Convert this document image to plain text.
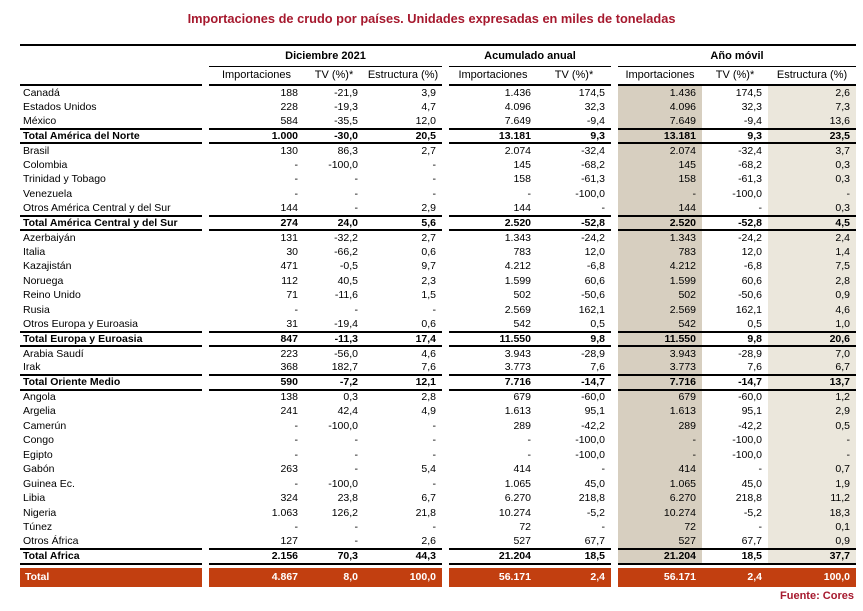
Importaciones de crudo por países. Unidades expresadas en miles de toneladas
		Diciembre 2021				Acumulado anual			Año móvil		
		Importaciones	TV (%)*	Estructura (%)		Importaciones	TV (%)*		Importaciones	TV (%)*	Estructura (%)
Canadá		188	-21,9	3,9		1.436	174,5		1.436	174,5	2,6
Estados Unidos		228	-19,3	4,7		4.096	32,3		4.096	32,3	7,3
México		584	-35,5	12,0		7.649	-9,4		7.649	-9,4	13,6
Total América del Norte		1.000	-30,0	20,5		13.181	9,3		13.181	9,3	23,5
Brasil		130	86,3	2,7		2.074	-32,4		2.074	-32,4	3,7
Colombia		-	-100,0	-		145	-68,2		145	-68,2	0,3
Trinidad y Tobago		-	-	-		158	-61,3		158	-61,3	0,3
Venezuela		-	-	-		-	-100,0		-	-100,0	-
Otros América Central y del Sur		144	-	2,9		144	-		144	-	0,3
Total América Central y del Sur		274	24,0	5,6		2.520	-52,8		2.520	-52,8	4,5
Azerbaiyán		131	-32,2	2,7		1.343	-24,2		1.343	-24,2	2,4
Italia		30	-66,2	0,6		783	12,0		783	12,0	1,4
Kazajistán		471	-0,5	9,7		4.212	-6,8		4.212	-6,8	7,5
Noruega		112	40,5	2,3		1.599	60,6		1.599	60,6	2,8
Reino Unido		71	-11,6	1,5		502	-50,6		502	-50,6	0,9
Rusia		-	-	-		2.569	162,1		2.569	162,1	4,6
Otros Europa y Euroasia		31	-19,4	0,6		542	0,5		542	0,5	1,0
Total Europa y Euroasia		847	-11,3	17,4		11.550	9,8		11.550	9,8	20,6
Arabia Saudí		223	-56,0	4,6		3.943	-28,9		3.943	-28,9	7,0
Irak		368	182,7	7,6		3.773	7,6		3.773	7,6	6,7
Total Oriente Medio		590	-7,2	12,1		7.716	-14,7		7.716	-14,7	13,7
Angola		138	0,3	2,8		679	-60,0		679	-60,0	1,2
Argelia		241	42,4	4,9		1.613	95,1		1.613	95,1	2,9
Camerún		-	-100,0	-		289	-42,2		289	-42,2	0,5
Congo		-	-	-		-	-100,0		-	-100,0	-
Egipto		-	-	-		-	-100,0		-	-100,0	-
Gabón		263	-	5,4		414	-		414	-	0,7
Guinea Ec.		-	-100,0	-		1.065	45,0		1.065	45,0	1,9
Libia		324	23,8	6,7		6.270	218,8		6.270	218,8	11,2
Nigeria		1.063	126,2	21,8		10.274	-5,2		10.274	-5,2	18,3
Túnez		-	-	-		72	-		72	-	0,1
Otros África		127	-	2,6		527	67,7		527	67,7	0,9
Total Africa		2.156	70,3	44,3		21.204	18,5		21.204	18,5	37,7

Total		4.867	8,0	100,0		56.171	2,4		56.171	2,4	100,0
Fuente: Cores
